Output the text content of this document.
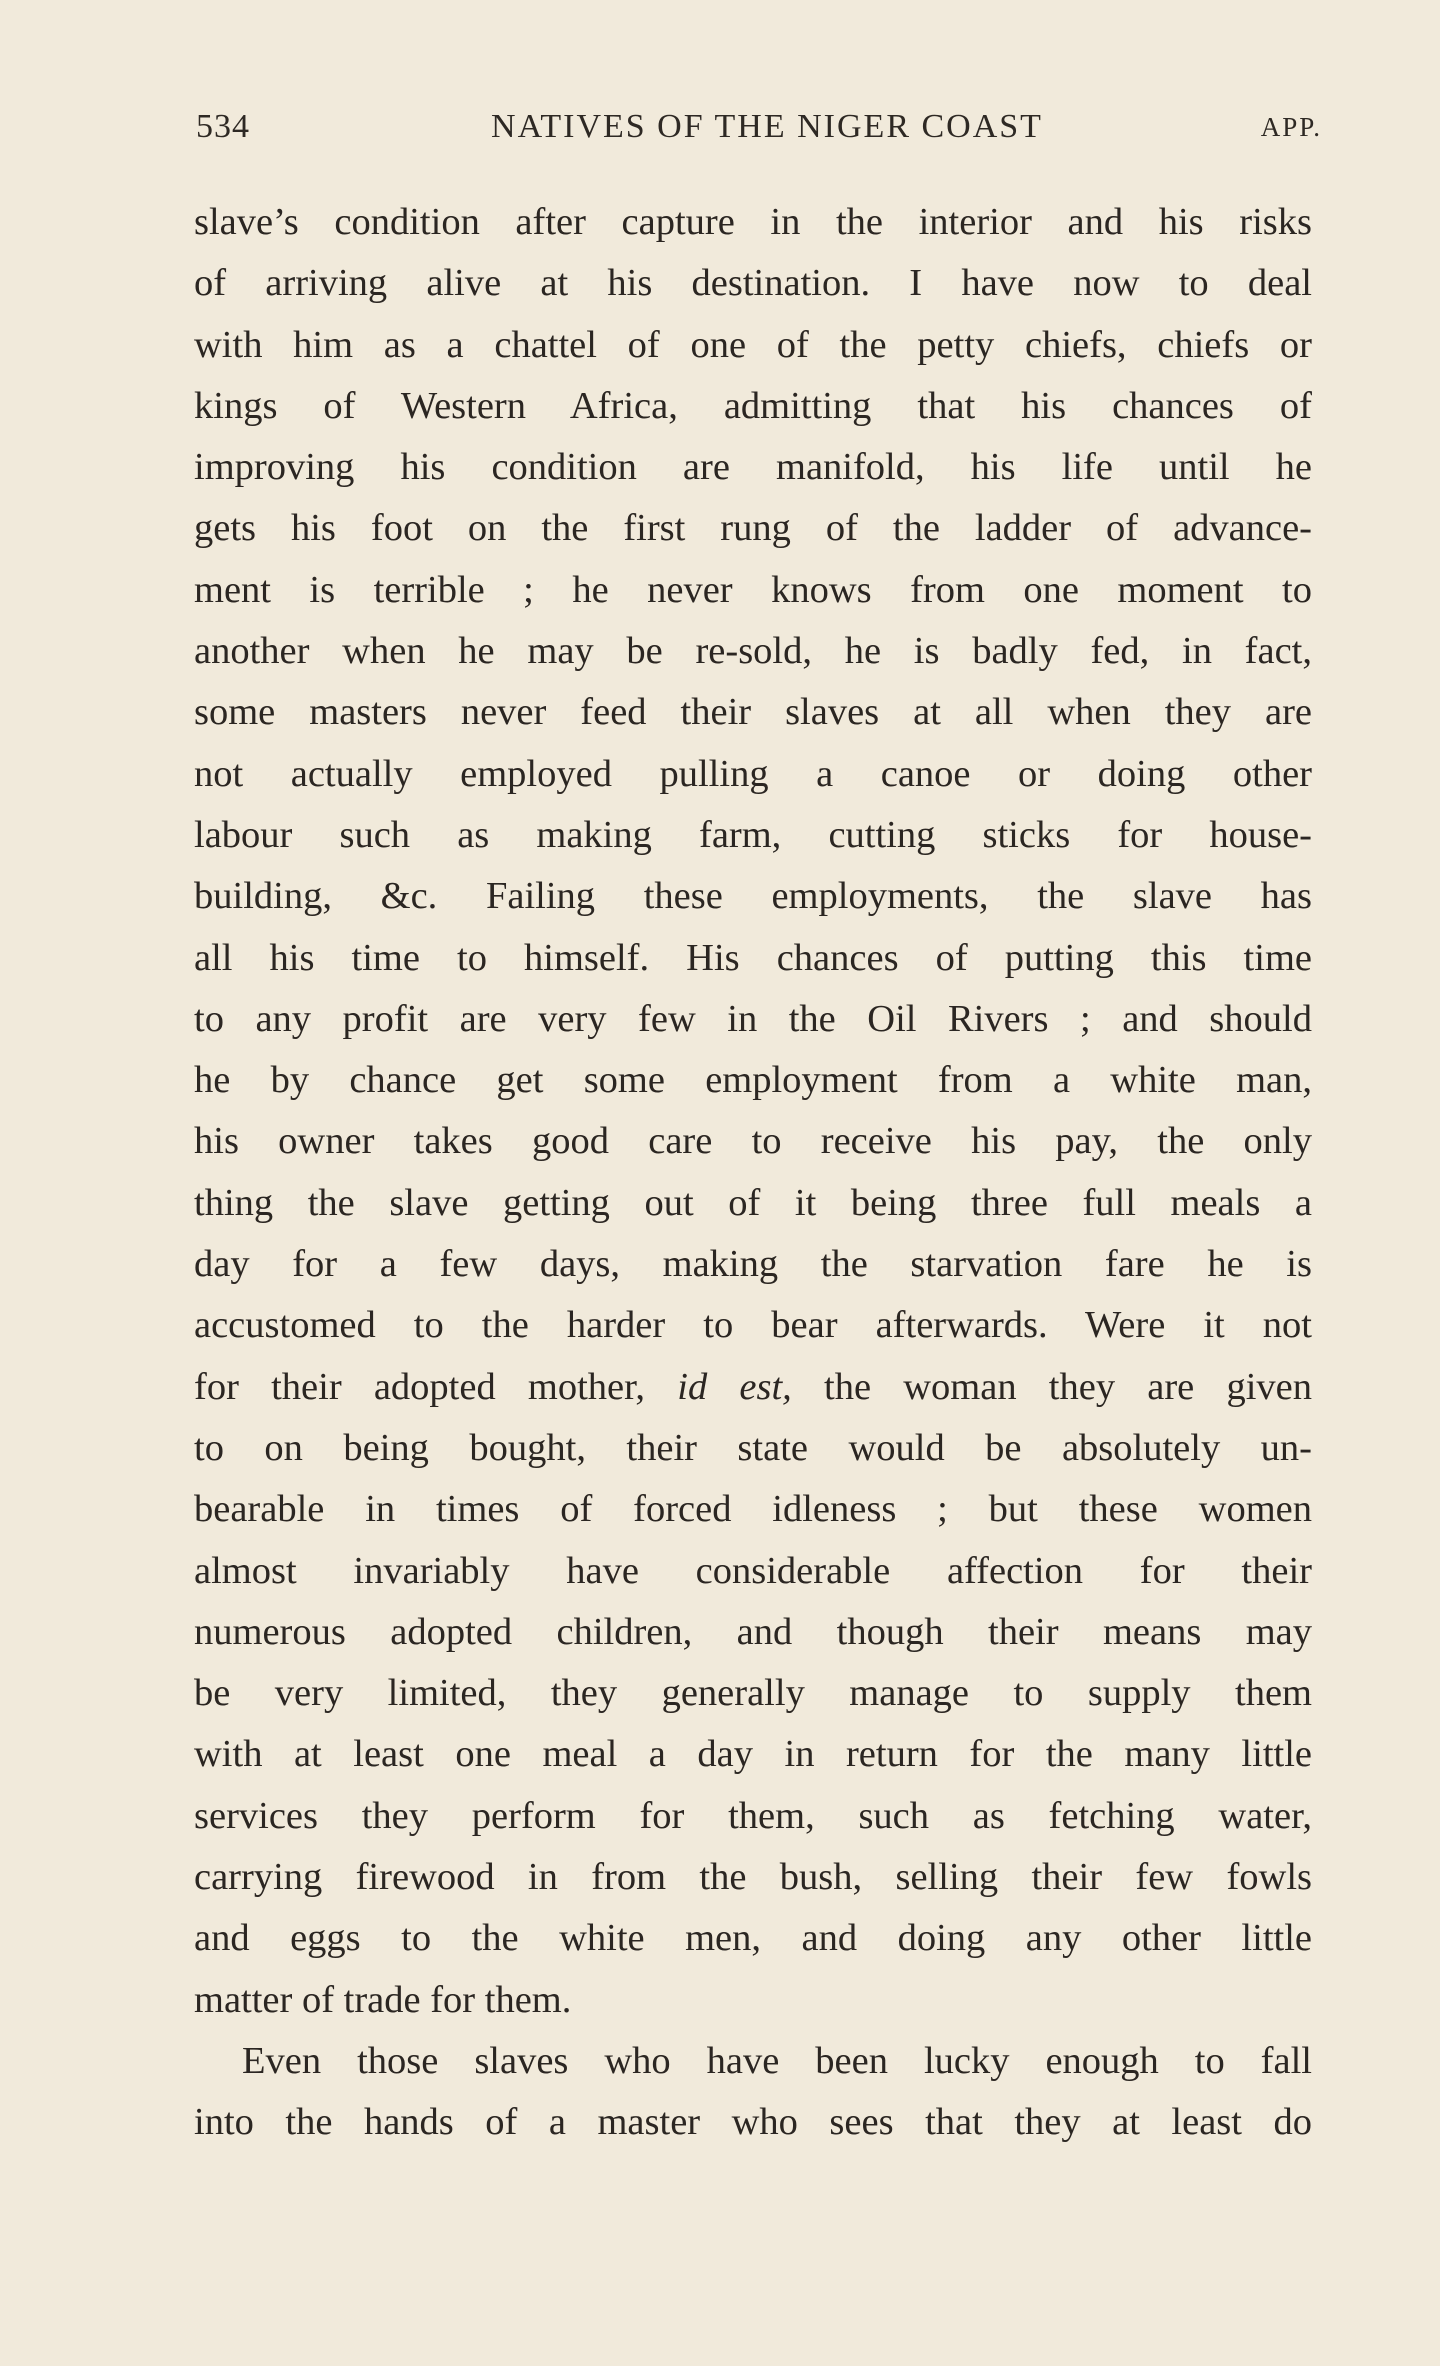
534	NATIVES OF THE NIGER COAST	APP.
slave’s condition after capture in the interior and his risks
of arriving alive at his destination. I have now to deal
with him as a chattel of one of the petty chiefs, chiefs or
kings of Western Africa, admitting that his chances of
improving his condition are manifold, his life until he
gets his foot on the first rung of the ladder of advance-
ment is terrible ; he never knows from one moment to
another when he may be re-sold, he is badly fed, in fact,
some masters never feed their slaves at all when they are
not actually employed pulling a canoe or doing other
labour such as making farm, cutting sticks for house-
building, &c. Failing these employments, the slave has
all his time to himself. His chances of putting this time
to any profit are very few in the Oil Rivers ; and should
he by chance get some employment from a white man,
his owner takes good care to receive his pay, the only
thing the slave getting out of it being three full meals a
day for a few days, making the starvation fare he is
accustomed to the harder to bear afterwards. Were it not
for their adopted mother, id est, the woman they are given
to on being bought, their state would be absolutely un-
bearable in times of forced idleness ; but these women
almost invariably have considerable affection for their
numerous adopted children, and though their means may
be very limited, they generally manage to supply them
with at least one meal a day in return for the many little
services they perform for them, such as fetching water,
carrying firewood in from the bush, selling their few fowls
and eggs to the white men, and doing any other little
matter of trade for them.
Even those slaves who have been lucky enough to fall
into the hands of a master who sees that they at least do
